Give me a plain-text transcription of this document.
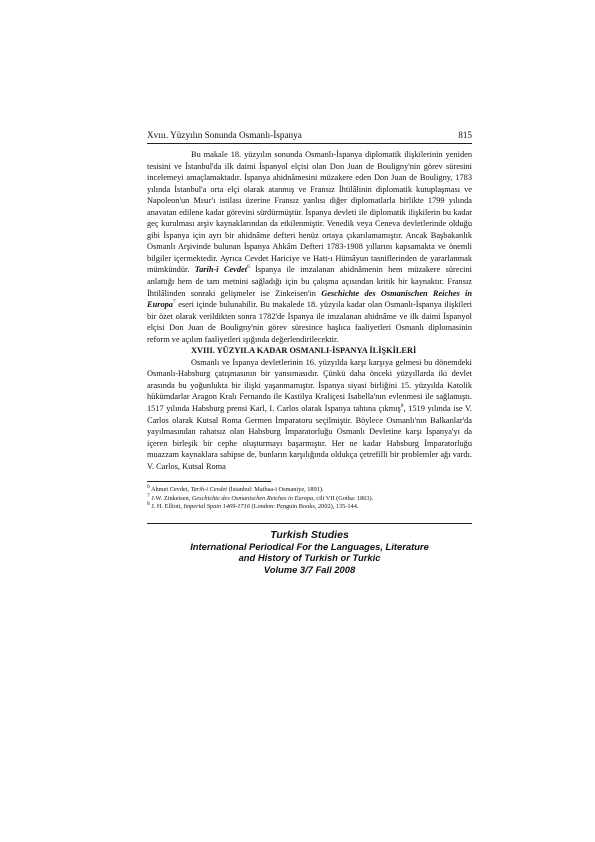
Xvııı. Yüzyılın Sonunda Osmanlı-İspanya	815

Bu makale 18. yüzyılın sonunda Osmanlı-İspanya diplomatik ilişkilerinin yeniden tesisini ve İstanbul'da ilk daimi İspanyol elçisi olan Don Juan de Bouligny'nin görev süresini incelemeyi amaçlamaktadır. İspanya ahidnâmesini müzakere eden Don Juan de Bouligny, 1783 yılında İstanbul'a orta elçi olarak atanmış ve Fransız İhtilâlinin diplomatik kutuplaşması ve Napoleon'un Mısır'ı istilası üzerine Fransız yanlısı diğer diplomatlarla birlikte 1799 yılında anavatan edilene kadar görevini sürdürmüştür. İspanya devleti ile diplomatik ilişkilerin bu kadar geç kurulması arşiv kaynaklarından da etkilenmiştir. Venedik veya Ceneva devletlerinde olduğu gibi İspanya için ayrı bir ahidnâme defteri henüz ortaya çıkarılamamıştır. Ancak Başbakanlık Osmanlı Arşivinde bulunan İspanya Ahkâm Defteri 1783-1908 yıllarını kapsamakta ve önemli bilgiler içermektedir. Ayrıca Cevdet Hariciye ve Hatt-ı Hümâyun tasniflerinden de yararlanmak mümkündür. Tarih-i Cevdet$^6$ İspanya ile imzalanan ahidnâmenin hem müzakere sürecini anlattığı hem de tam metnini sağladığı için bu çalışma açısından kritik bir kaynaktır. Fransız İhtilâlinden sonraki gelişmeler ise Zinkeisen'in Geschichte des Osmanischen Reiches in Europa$^7$ eseri içinde bulunabilir. Bu makalede 18. yüzyıla kadar olan Osmanlı-İspanya ilişkileri bir özet olarak verildikten sonra 1782'de İspanya ile imzalanan ahidnâme ve ilk daimi İspanyol elçisi Don Juan de Bouligny'nin görev süresince başlıca faaliyetleri Osmanlı diplomasinin reform ve açılım faaliyetleri ışığında değerlendirilecektir.

XVIII. YÜZYILA KADAR OSMANLI-İSPANYA İLİŞKİLERİ

Osmanlı ve İspanya devletlerinin 16. yüzyılda karşı karşıya gelmesi bu dönemdeki Osmanlı-Habsburg çatışmasının bir yansımasıdır. Çünkü daha önceki yüzyıllarda iki devlet arasında bu yoğunlukta bir ilişki yaşanmamıştır. İspanya siyasi birliğini 15. yüzyılda Katolik hükümdarlar Aragon Kralı Fernando ile Kastilya Kraliçesi Isabella'nın evlenmesi ile sağlamıştı. 1517 yılında Habsburg prensi Karl, I. Carlos olarak İspanya tahtına çıkmış$^8$, 1519 yılında ise V. Carlos olarak Kutsal Roma Germen İmparatoru seçilmiştir. Böylece Osmanlı'nın Balkanlar'da yayılmasından rahatsız olan Habsburg İmparatorluğu Osmanlı Devletine karşı İspanya'yı da içeren birleşik bir cephe oluşturmayı başarmıştır. Her ne kadar Habsburg İmparatorluğu muazzam kaynaklara sahipse de, bunların karşılığında oldukça çetrefilli bir problemler ağı vardı. V. Carlos, Kutsal Roma

$^6$ Ahmet Cevdet, Tarih-i Cevdet (İstanbul: Matbaa-i Osmaniye, 1891).

$^7$ J.W. Zinkeisen, Geschichte des Osmanischen Reiches in Europa, cilt VII (Gotha: 1863).

$^8$ J. H. Elliott, Imperial Spain 1469-1716 (London: Penguin Books, 2002), 135-144.

Turkish Studies
International Periodical For the Languages, Literature
and History of Turkish or Turkic
Volume 3/7 Fall 2008
